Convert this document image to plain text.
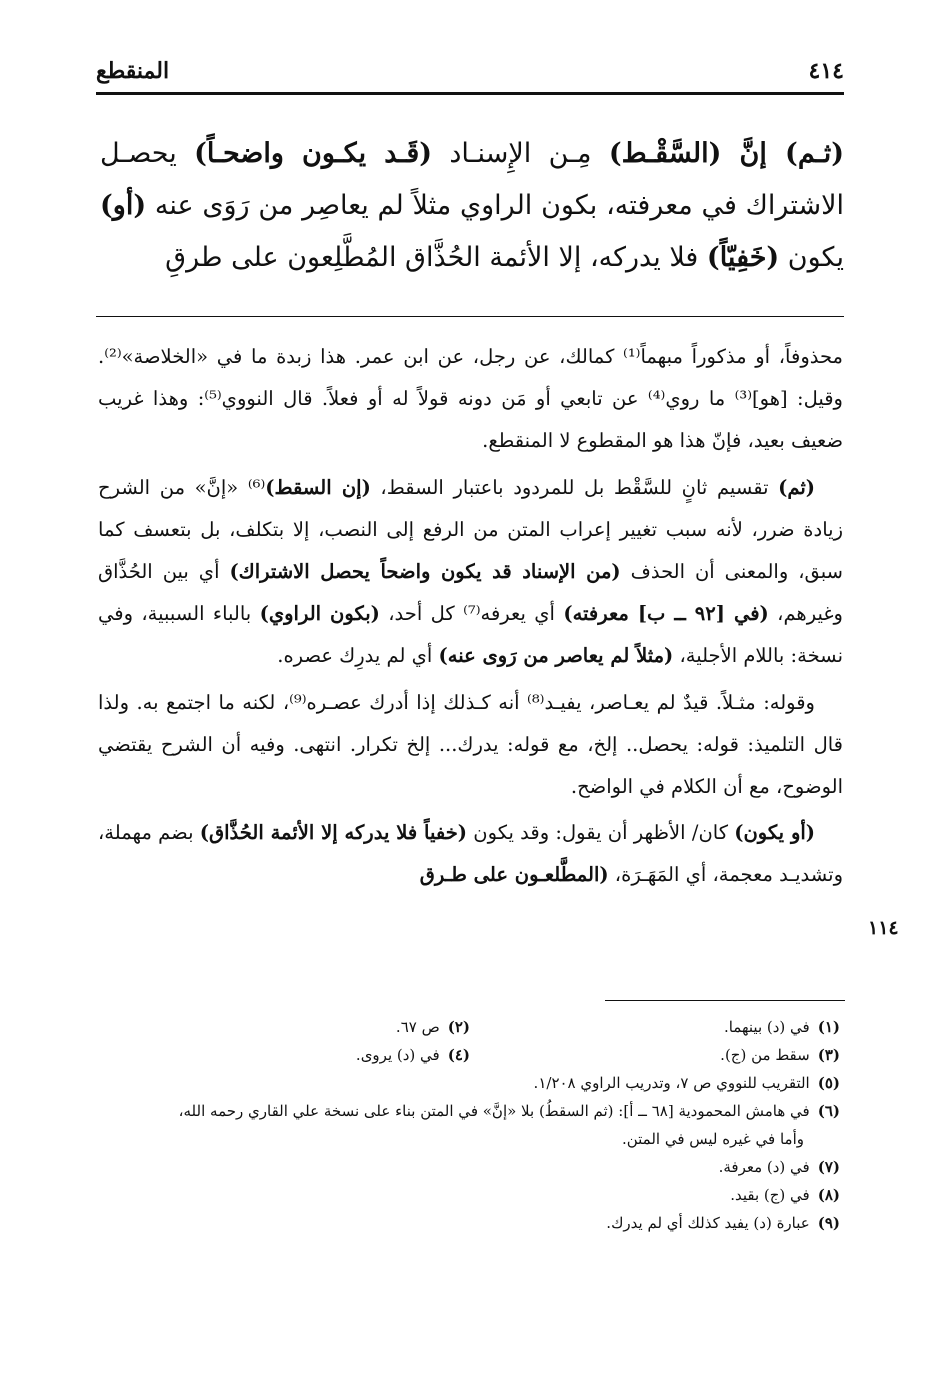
٤١٤
المنقطع
(ثـم) إنَّ (السَّقْـط) مِـن الإِسنـاد (قَـد يكـون واضحـاً) يحصـل الاشتراك في معرفته، بكون الراوي مثلاً لم يعاصِر من رَوَى عنه (أو) يكون (خَفِيّاً) فلا يدركه، إلا الأئمة الحُذَّاق المُطَّلِعون على طرقِ

محذوفاً، أو مذكوراً مبهماً⁽¹⁾ كمالك، عن رجل، عن ابن عمر. هذا زبدة ما في «الخلاصة»⁽²⁾. وقيل: [هو]⁽³⁾ ما روي⁽⁴⁾ عن تابعي أو مَن دونه قولاً له أو فعلاً. قال النووي⁽⁵⁾: وهذا غريب ضعيف بعيد، فإنّ هذا هو المقطوع لا المنقطع.

(ثم) تقسيم ثانٍ للسَّقْط بل للمردود باعتبار السقط، (إن السقط)⁽⁶⁾ «إنَّ» من الشرح زيادة ضرر، لأنه سبب تغيير إعراب المتن من الرفع إلى النصب، إلا بتكلف، بل بتعسف كما سبق، والمعنى أن الحذف (من الإسناد قد يكون واضحاً يحصل الاشتراك) أي بين الحُذَّاق وغيرهم، (في [٩٢ ــ ب] معرفته) أي يعرفه⁽⁷⁾ كل أحد، (بكون الراوي) بالباء السببية، وفي نسخة: باللام الأجلية، (مثلاً لم يعاصر من رَوى عنه) أي لم يدرِك عصره.

وقوله: مثـلاً. قيدٌ لم يعـاصر، يفيـد⁽⁸⁾ أنه كـذلك إذا أدرك عصـره⁽⁹⁾، لكنه ما اجتمع به. ولذا قال التلميذ: قوله: يحصل.. إلخ، مع قوله: يدرك... إلخ تكرار. انتهى. وفيه أن الشرح يقتضي الوضوح، مع أن الكلام في الواضح.

(أو يكون) كان/ الأظهر أن يقول: وقد يكون (خفياً فلا يدركه إلا الأئمة الحُذَّاق) بضم مهملة، وتشديـد معجمة، أي المَهَـرَة، (المطَّلعـون على طـرق

١١٤
(١)في (د) بينهما.
(٢)ص ٦٧.
(٣)سقط من (ج).
(٤)في (د) يروى.
(٥)التقريب للنووي ص ٧، وتدريب الراوي ١/٢٠٨.
(٦)في هامش المحمودية [٦٨ ــ أ]: (ثم السقطُ) بلا «إنَّ» في المتن بناء على نسخة علي القاري رحمه الله،
وأما في غيره ليس في المتن.
(٧)في (د) معرفة.
(٨)في (ج) بقيد.
(٩)عبارة (د) يفيد كذلك أي لم يدرك.
